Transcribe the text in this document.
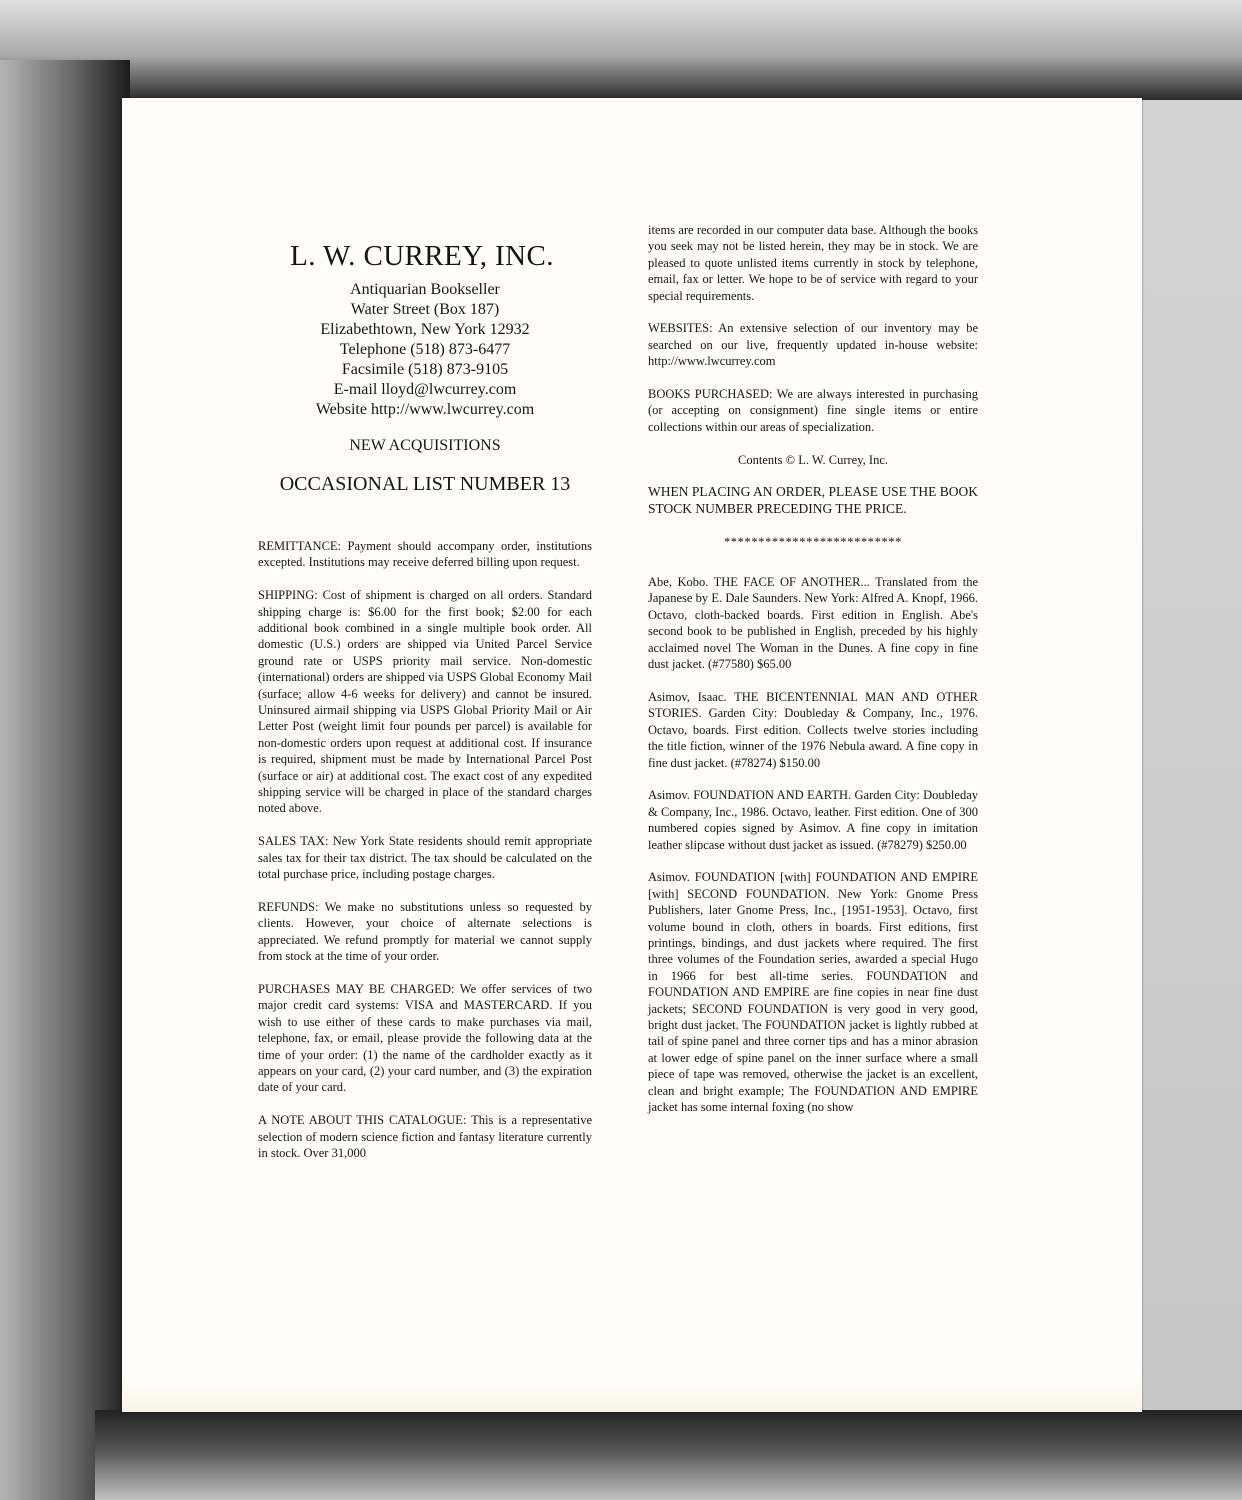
L. W. CURREY, INC.
Antiquarian Bookseller
Water Street (Box 187)
Elizabethtown, New York 12932
Telephone (518) 873-6477
Facsimile (518) 873-9105
E-mail lloyd@lwcurrey.com
Website http://www.lwcurrey.com
NEW ACQUISITIONS
OCCASIONAL LIST NUMBER 13

REMITTANCE: Payment should accompany order, institutions excepted. Institutions may receive deferred billing upon request.

SHIPPING: Cost of shipment is charged on all orders. Standard shipping charge is: $6.00 for the first book; $2.00 for each additional book combined in a single multiple book order. All domestic (U.S.) orders are shipped via United Parcel Service ground rate or USPS priority mail service. Non-domestic (international) orders are shipped via USPS Global Economy Mail (surface; allow 4-6 weeks for delivery) and cannot be insured. Uninsured airmail shipping via USPS Global Priority Mail or Air Letter Post (weight limit four pounds per parcel) is available for non-domestic orders upon request at additional cost. If insurance is required, shipment must be made by International Parcel Post (surface or air) at additional cost. The exact cost of any expedited shipping service will be charged in place of the standard charges noted above.

SALES TAX: New York State residents should remit appropriate sales tax for their tax district. The tax should be calculated on the total purchase price, including postage charges.

REFUNDS: We make no substitutions unless so requested by clients. However, your choice of alternate selections is appreciated. We refund promptly for material we cannot supply from stock at the time of your order.

PURCHASES MAY BE CHARGED: We offer services of two major credit card systems: VISA and MASTERCARD. If you wish to use either of these cards to make purchases via mail, telephone, fax, or email, please provide the following data at the time of your order: (1) the name of the cardholder exactly as it appears on your card, (2) your card number, and (3) the expiration date of your card.

A NOTE ABOUT THIS CATALOGUE: This is a representative selection of modern science fiction and fantasy literature currently in stock. Over 31,000

items are recorded in our computer data base. Although the books you seek may not be listed herein, they may be in stock. We are pleased to quote unlisted items currently in stock by telephone, email, fax or letter. We hope to be of service with regard to your special requirements.

WEBSITES: An extensive selection of our inventory may be searched on our live, frequently updated in-house website: http://www.lwcurrey.com

BOOKS PURCHASED: We are always interested in purchasing (or accepting on consignment) fine single items or entire collections within our areas of specialization.

Contents © L. W. Currey, Inc.

WHEN PLACING AN ORDER, PLEASE USE THE BOOK STOCK NUMBER PRECEDING THE PRICE.

**************************

Abe, Kobo. THE FACE OF ANOTHER... Translated from the Japanese by E. Dale Saunders. New York: Alfred A. Knopf, 1966. Octavo, cloth-backed boards. First edition in English. Abe's second book to be published in English, preceded by his highly acclaimed novel The Woman in the Dunes. A fine copy in fine dust jacket. (#77580) $65.00

Asimov, Isaac. THE BICENTENNIAL MAN AND OTHER STORIES. Garden City: Doubleday & Company, Inc., 1976. Octavo, boards. First edition. Collects twelve stories including the title fiction, winner of the 1976 Nebula award. A fine copy in fine dust jacket. (#78274) $150.00

Asimov. FOUNDATION AND EARTH. Garden City: Doubleday & Company, Inc., 1986. Octavo, leather. First edition. One of 300 numbered copies signed by Asimov. A fine copy in imitation leather slipcase without dust jacket as issued. (#78279) $250.00

Asimov. FOUNDATION [with] FOUNDATION AND EMPIRE [with] SECOND FOUNDATION. New York: Gnome Press Publishers, later Gnome Press, Inc., [1951-1953]. Octavo, first volume bound in cloth, others in boards. First editions, first printings, bindings, and dust jackets where required. The first three volumes of the Foundation series, awarded a special Hugo in 1966 for best all-time series. FOUNDATION and FOUNDATION AND EMPIRE are fine copies in near fine dust jackets; SECOND FOUNDATION is very good in very good, bright dust jacket. The FOUNDATION jacket is lightly rubbed at tail of spine panel and three corner tips and has a minor abrasion at lower edge of spine panel on the inner surface where a small piece of tape was removed, otherwise the jacket is an excellent, clean and bright example; The FOUNDATION AND EMPIRE jacket has some internal foxing (no show
